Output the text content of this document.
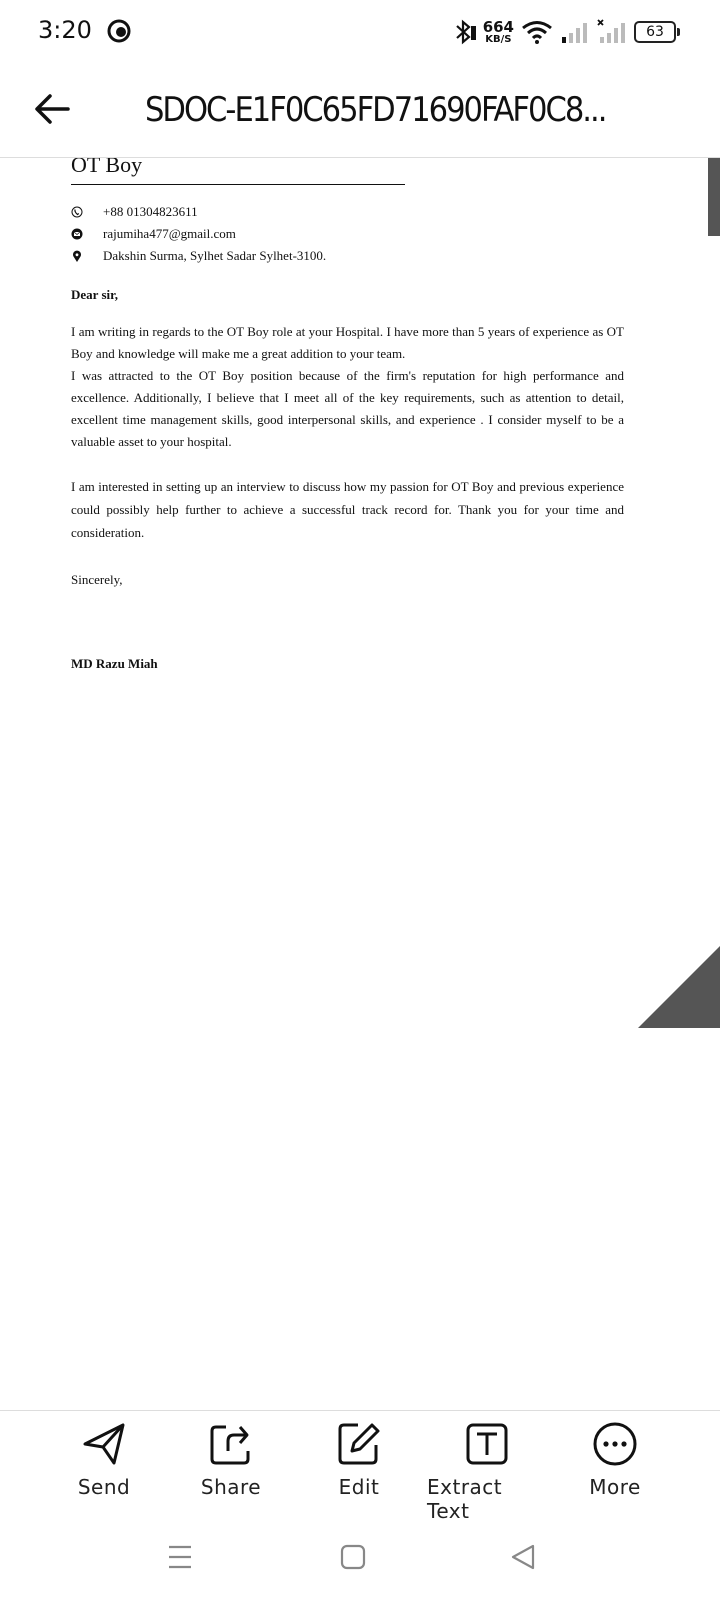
3:20	664
KB/S	63
SDOC-E1F0C65FD71690FAF0C8...
OT Boy
+88 01304823611
rajumiha477@gmail.com
Dakshin Surma, Sylhet Sadar Sylhet-3100.
Dear sir,
I am writing in regards to the OT Boy role at your Hospital. I have more than 5 years of experience as OT Boy and knowledge will make me a great addition to your team.
I was attracted to the OT Boy position because of the firm's reputation for high performance and excellence. Additionally, I believe that I meet all of the key requirements, such as attention to detail, excellent time management skills, good interpersonal skills, and experience . I consider myself to be a valuable asset to your hospital.
I am interested in setting up an interview to discuss how my passion for OT Boy and previous experience could possibly help further to achieve a successful track record for. Thank you for your time and consideration.
Sincerely,
MD Razu Miah
Send	Share	Edit Extract Text
More
